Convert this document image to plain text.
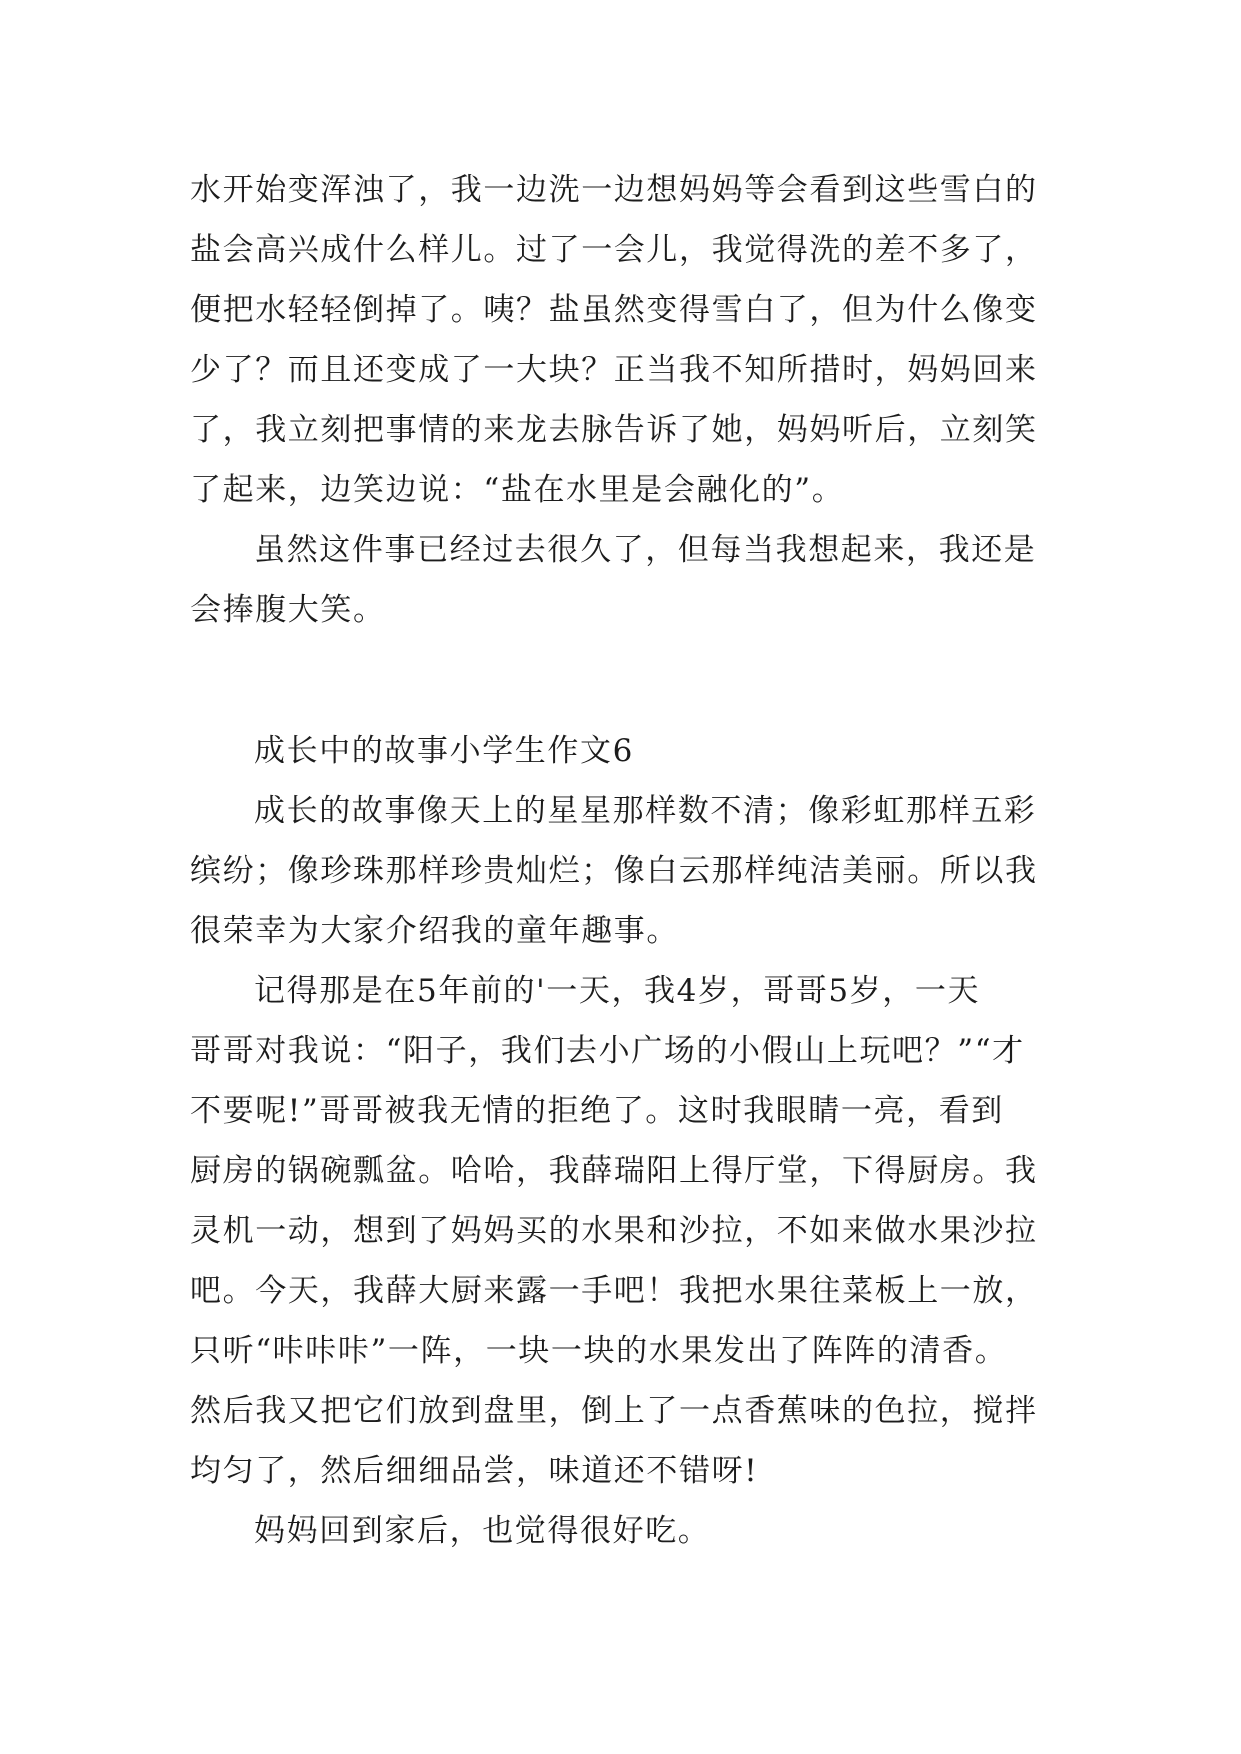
水开始变浑浊了，我一边洗一边想妈妈等会看到这些雪白的
盐会高兴成什么样儿。过了一会儿，我觉得洗的差不多了，
便把水轻轻倒掉了。咦？盐虽然变得雪白了，但为什么像变
少了？而且还变成了一大块？正当我不知所措时，妈妈回来
了，我立刻把事情的来龙去脉告诉了她，妈妈听后，立刻笑
了起来，边笑边说：“盐在水里是会融化的”。
虽然这件事已经过去很久了，但每当我想起来，我还是
会捧腹大笑。
成长中的故事小学生作文6
成长的故事像天上的星星那样数不清；像彩虹那样五彩
缤纷；像珍珠那样珍贵灿烂；像白云那样纯洁美丽。所以我
很荣幸为大家介绍我的童年趣事。
记得那是在5年前的'一天，我4岁，哥哥5岁，一天
哥哥对我说：“阳子，我们去小广场的小假山上玩吧？”“才
不要呢!”哥哥被我无情的拒绝了。这时我眼睛一亮，看到
厨房的锅碗瓢盆。哈哈，我薛瑞阳上得厅堂，下得厨房。我
灵机一动，想到了妈妈买的水果和沙拉，不如来做水果沙拉
吧。今天，我薛大厨来露一手吧！我把水果往菜板上一放，
只听“咔咔咔”一阵，一块一块的水果发出了阵阵的清香。
然后我又把它们放到盘里，倒上了一点香蕉味的色拉，搅拌
均匀了，然后细细品尝，味道还不错呀!
妈妈回到家后，也觉得很好吃。
